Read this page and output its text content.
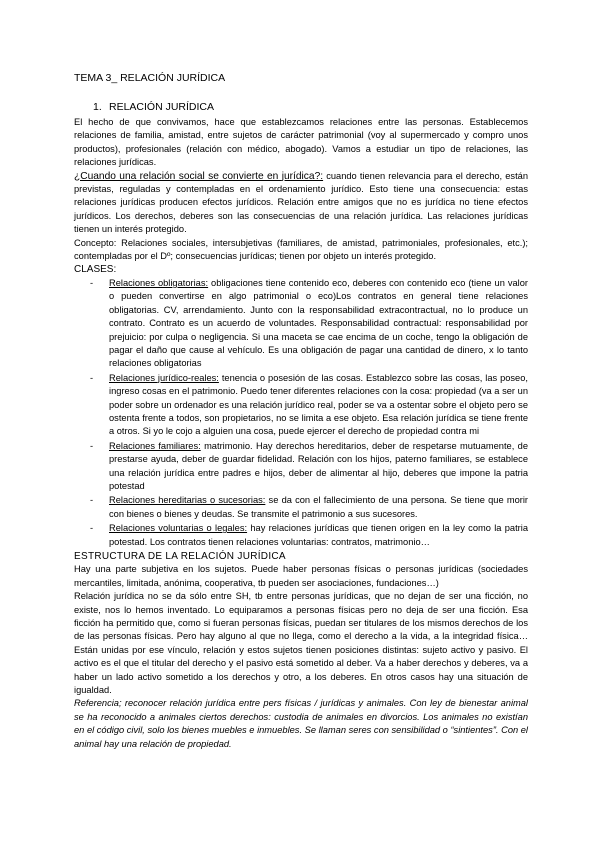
TEMA 3_ RELACIÓN JURÍDICA
1. RELACIÓN JURÍDICA

El hecho de que convivamos, hace que establezcamos relaciones entre las personas. Establecemos relaciones de familia, amistad, entre sujetos de carácter patrimonial (voy al supermercado y compro unos productos), profesionales (relación con médico, abogado). Vamos a estudiar un tipo de relaciones, las relaciones jurídicas.

¿Cuando una relación social se convierte en jurídica?: cuando tienen relevancia para el derecho, están previstas, reguladas y contempladas en el ordenamiento jurídico. Esto tiene una consecuencia: estas relaciones jurídicas producen efectos jurídicos. Relación entre amigos que no es jurídica no tiene efectos jurídicos. Los derechos, deberes son las consecuencias de una relación jurídica. Las relaciones jurídicas tienen un interés protegido.

Concepto: Relaciones sociales, intersubjetivas (familiares, de amistad, patrimoniales, profesionales, etc.); contempladas por el Dº; consecuencias jurídicas; tienen por objeto un interés protegido.

CLASES:
- Relaciones obligatorias: obligaciones tiene contenido eco, deberes con contenido eco (tiene un valor o pueden convertirse en algo patrimonial o eco)Los contratos en general tiene relaciones obligatorias. CV, arrendamiento. Junto con la responsabilidad extracontractual, no lo produce un contrato. Contrato es un acuerdo de voluntades. Responsabilidad contractual: responsabilidad por prejuicio: por culpa o negligencia. Si una maceta se cae encima de un coche, tengo la obligación de pagar el daño que cause al vehículo. Es una obligación de pagar una cantidad de dinero, x lo tanto relaciones obligatorias
- Relaciones jurídico-reales: tenencia o posesión de las cosas. Establezco sobre las cosas, las poseo, ingreso cosas en el patrimonio. Puedo tener diferentes relaciones con la cosa: propiedad (va a ser un poder sobre un ordenador es una relación jurídico real, poder se va a ostentar sobre el objeto pero se ostenta frente a todos, son propietarios, no se limita a ese objeto. Esa relación jurídica se tiene frente a otros. Si yo le cojo a alguien una cosa, puede ejercer el derecho de propiedad contra mi
- Relaciones familiares: matrimonio. Hay derechos hereditarios, deber de respetarse mutuamente, de prestarse ayuda, deber de guardar fidelidad. Relación con los hijos, paterno familiares, se establece una relación jurídica entre padres e hijos, deber de alimentar al hijo, deberes que impone la patria potestad
- Relaciones hereditarias o sucesorias: se da con el fallecimiento de una persona. Se tiene que morir con bienes o bienes y deudas. Se transmite el patrimonio a sus sucesores.
- Relaciones voluntarias o legales: hay relaciones jurídicas que tienen origen en la ley como la patria potestad. Los contratos tienen relaciones voluntarias: contratos, matrimonio…
ESTRUCTURA DE LA RELACIÓN JURÍDICA

Hay una parte subjetiva en los sujetos. Puede haber personas físicas o personas jurídicas (sociedades mercantiles, limitada, anónima, cooperativa, tb pueden ser asociaciones, fundaciones…)

Relación jurídica no se da sólo entre SH, tb entre personas jurídicas, que no dejan de ser una ficción, no existe, nos lo hemos inventado. Lo equiparamos a personas físicas pero no deja de ser una ficción. Esa ficción ha permitido que, como si fueran personas físicas, puedan ser titulares de los mismos derechos de los de las personas físicas. Pero hay alguno al que no llega, como el derecho a la vida, a la integridad física… Están unidas por ese vínculo, relación y estos sujetos tienen posiciones distintas: sujeto activo y pasivo. El activo es el que el titular del derecho y el pasivo está sometido al deber. Va a haber derechos y deberes, va a haber un lado activo sometido a los derechos y otro, a los deberes. En otros casos hay una situación de igualdad.

Referencia; reconocer relación jurídica entre pers físicas / jurídicas y animales. Con ley de bienestar animal se ha reconocido a animales ciertos derechos: custodia de animales en divorcios. Los animales no existían en el código civil, solo los bienes muebles e inmuebles. Se llaman seres con sensibilidad o “sintientes”. Con el animal hay una relación de propiedad.
